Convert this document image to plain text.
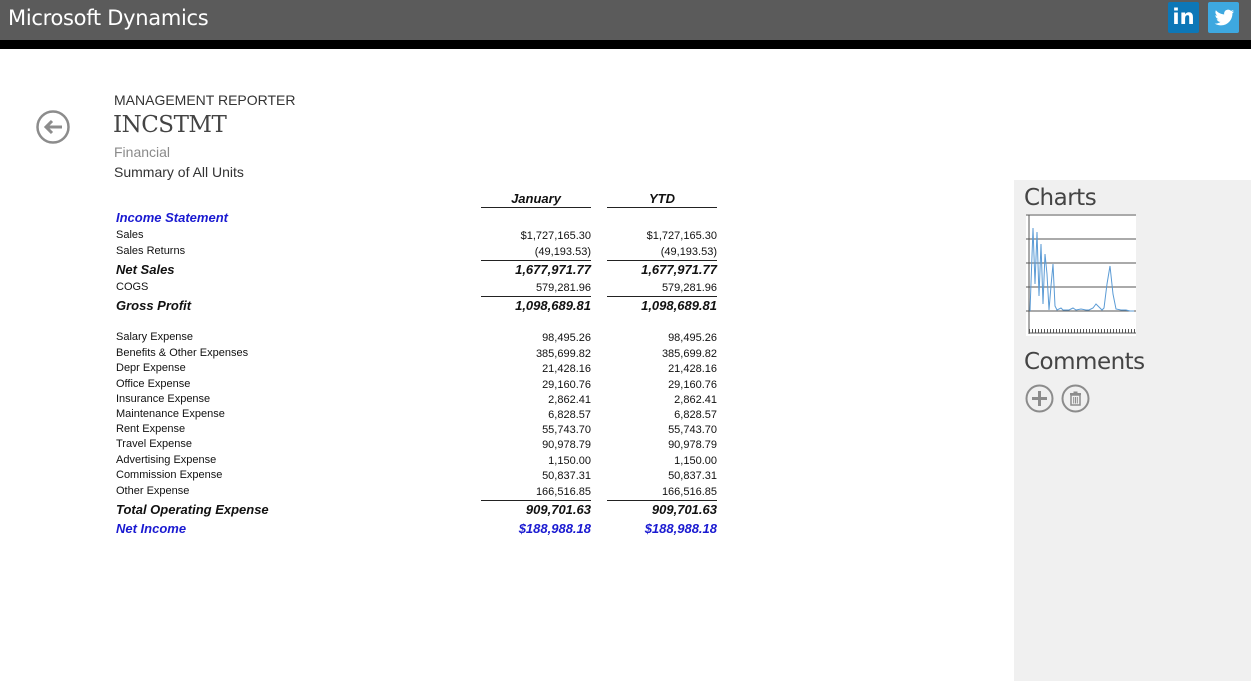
Microsoft Dynamics	in
MANAGEMENT REPORTER
INCSTMT
Financial
Summary of All Units
January	YTD
Income Statement
Sales	$1,727,165.30	$1,727,165.30
Sales Returns	(49,193.53)	(49,193.53)
Net Sales	1,677,971.77	1,677,971.77
COGS	579,281.96	579,281.96
Gross Profit	1,098,689.81	1,098,689.81
Salary Expense	98,495.26	98,495.26
Benefits & Other Expenses	385,699.82	385,699.82
Depr Expense	21,428.16	21,428.16
Office Expense	29,160.76	29,160.76
Insurance Expense	2,862.41	2,862.41
Maintenance Expense	6,828.57	6,828.57
Rent Expense	55,743.70	55,743.70
Travel Expense	90,978.79	90,978.79
Advertising Expense	1,150.00	1,150.00
Commission Expense	50,837.31	50,837.31
Other Expense	166,516.85	166,516.85
Total Operating Expense	909,701.63	909,701.63
Net Income	$188,988.18	$188,988.18
Charts
Comments
